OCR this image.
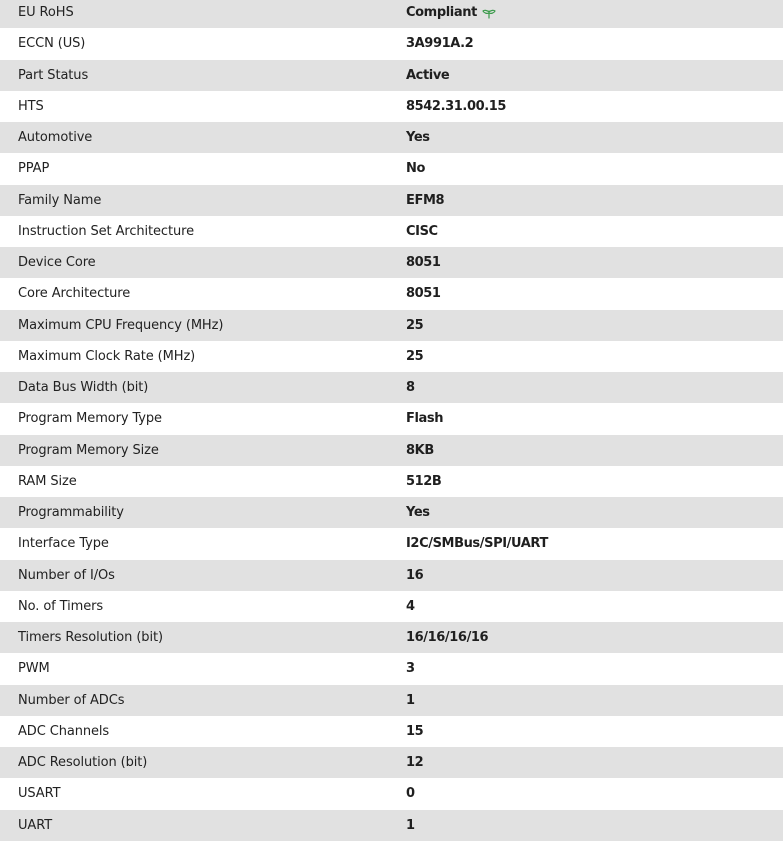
EU RoHS	Compliant
ECCN (US)	3A991A.2
Part Status	Active
HTS	8542.31.00.15
Automotive	Yes
PPAP	No
Family Name	EFM8
Instruction Set Architecture	CISC
Device Core	8051
Core Architecture	8051
Maximum CPU Frequency (MHz)	25
Maximum Clock Rate (MHz)	25
Data Bus Width (bit)	8
Program Memory Type	Flash
Program Memory Size	8KB
RAM Size	512B
Programmability	Yes
Interface Type	I2C/SMBus/SPI/UART
Number of I/Os	16
No. of Timers	4
Timers Resolution (bit)	16/16/16/16
PWM	3
Number of ADCs	1
ADC Channels	15
ADC Resolution (bit)	12
USART	0
UART	1
